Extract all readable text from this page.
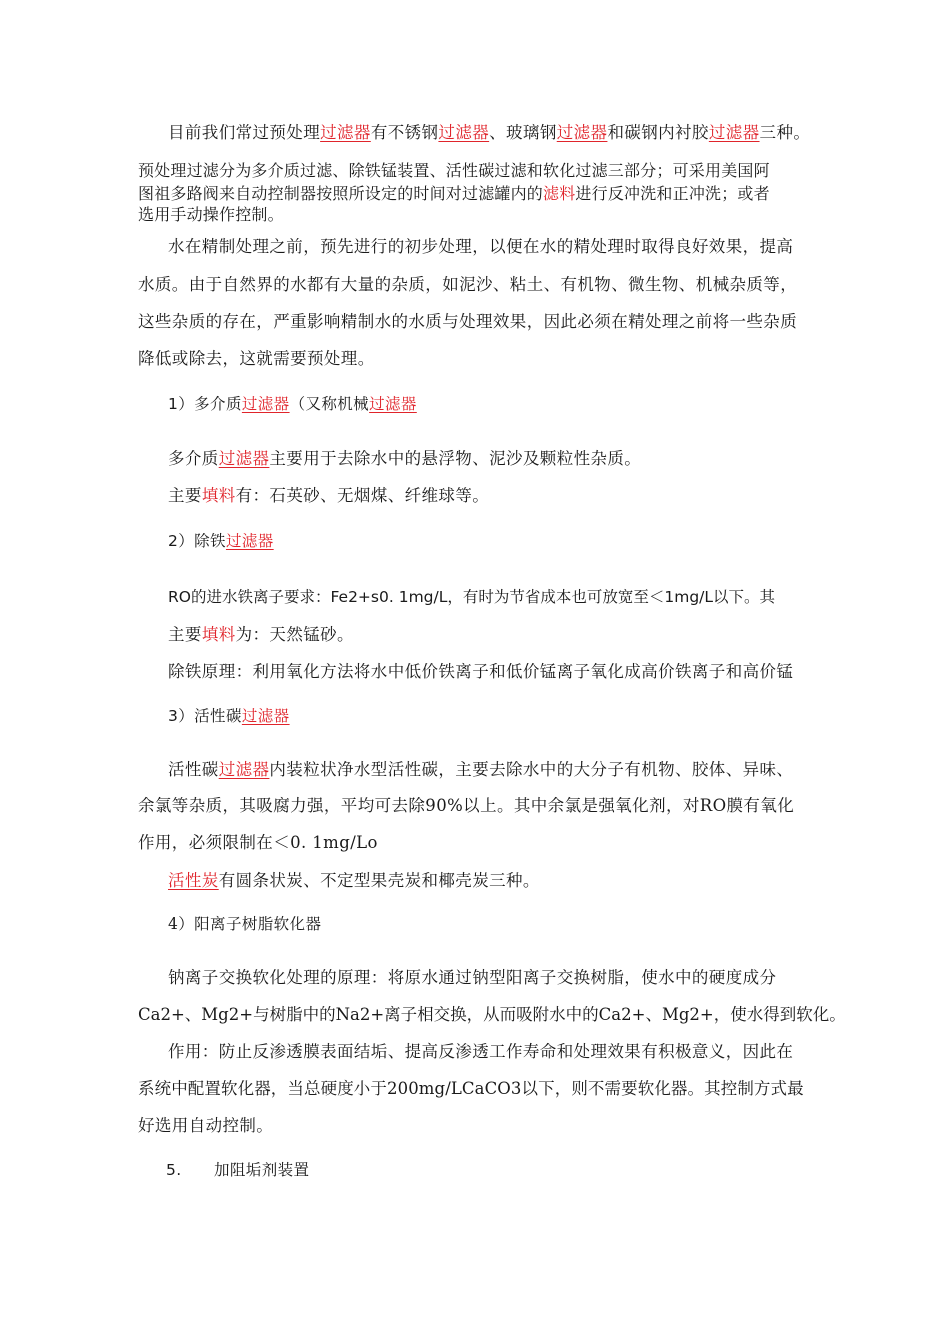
目前我们常过预处理过滤器有不锈钢过滤器、玻璃钢过滤器和碳钢内衬胶过滤器三种。

预处理过滤分为多介质过滤、除铁锰装置、活性碳过滤和软化过滤三部分；可采用美国阿

图祖多路阀来自动控制器按照所设定的时间对过滤罐内的滤料进行反冲洗和正冲洗；或者

选用手动操作控制。

水在精制处理之前，预先进行的初步处理，以便在水的精处理时取得良好效果，提高

水质。由于自然界的水都有大量的杂质，如泥沙、粘土、有机物、微生物、机械杂质等，

这些杂质的存在，严重影响精制水的水质与处理效果，因此必须在精处理之前将一些杂质

降低或除去，这就需要预处理。

1）多介质过滤器（又称机械过滤器

多介质过滤器主要用于去除水中的悬浮物、泥沙及颗粒性杂质。

主要填料有：石英砂、无烟煤、纤维球等。

2）除铁过滤器

RO的进水铁离子要求：Fe2+s0. 1mg/L，有时为节省成本也可放宽至＜1mg/L以下。其

主要填料为：天然锰砂。

除铁原理：利用氧化方法将水中低价铁离子和低价锰离子氧化成高价铁离子和高价锰

3）活性碳过滤器

活性碳过滤器内装粒状净水型活性碳，主要去除水中的大分子有机物、胶体、异味、

余氯等杂质，其吸腐力强，平均可去除90%以上。其中余氯是强氧化剂，对RO膜有氧化

作用，必须限制在＜0. 1mg/Lo

活性炭有圆条状炭、不定型果壳炭和椰壳炭三种。

4）阳离子树脂软化器

钠离子交换软化处理的原理：将原水通过钠型阳离子交换树脂，使水中的硬度成分

Ca2+、Mg2+与树脂中的Na2+离子相交换，从而吸附水中的Ca2+、Mg2+，使水得到软化。

作用：防止反渗透膜表面结垢、提高反渗透工作寿命和处理效果有积极意义，因此在

系统中配置软化器，当总硬度小于200mg/LCaCO3以下，则不需要软化器。其控制方式最

好选用自动控制。

5. 加阻垢剂装置
